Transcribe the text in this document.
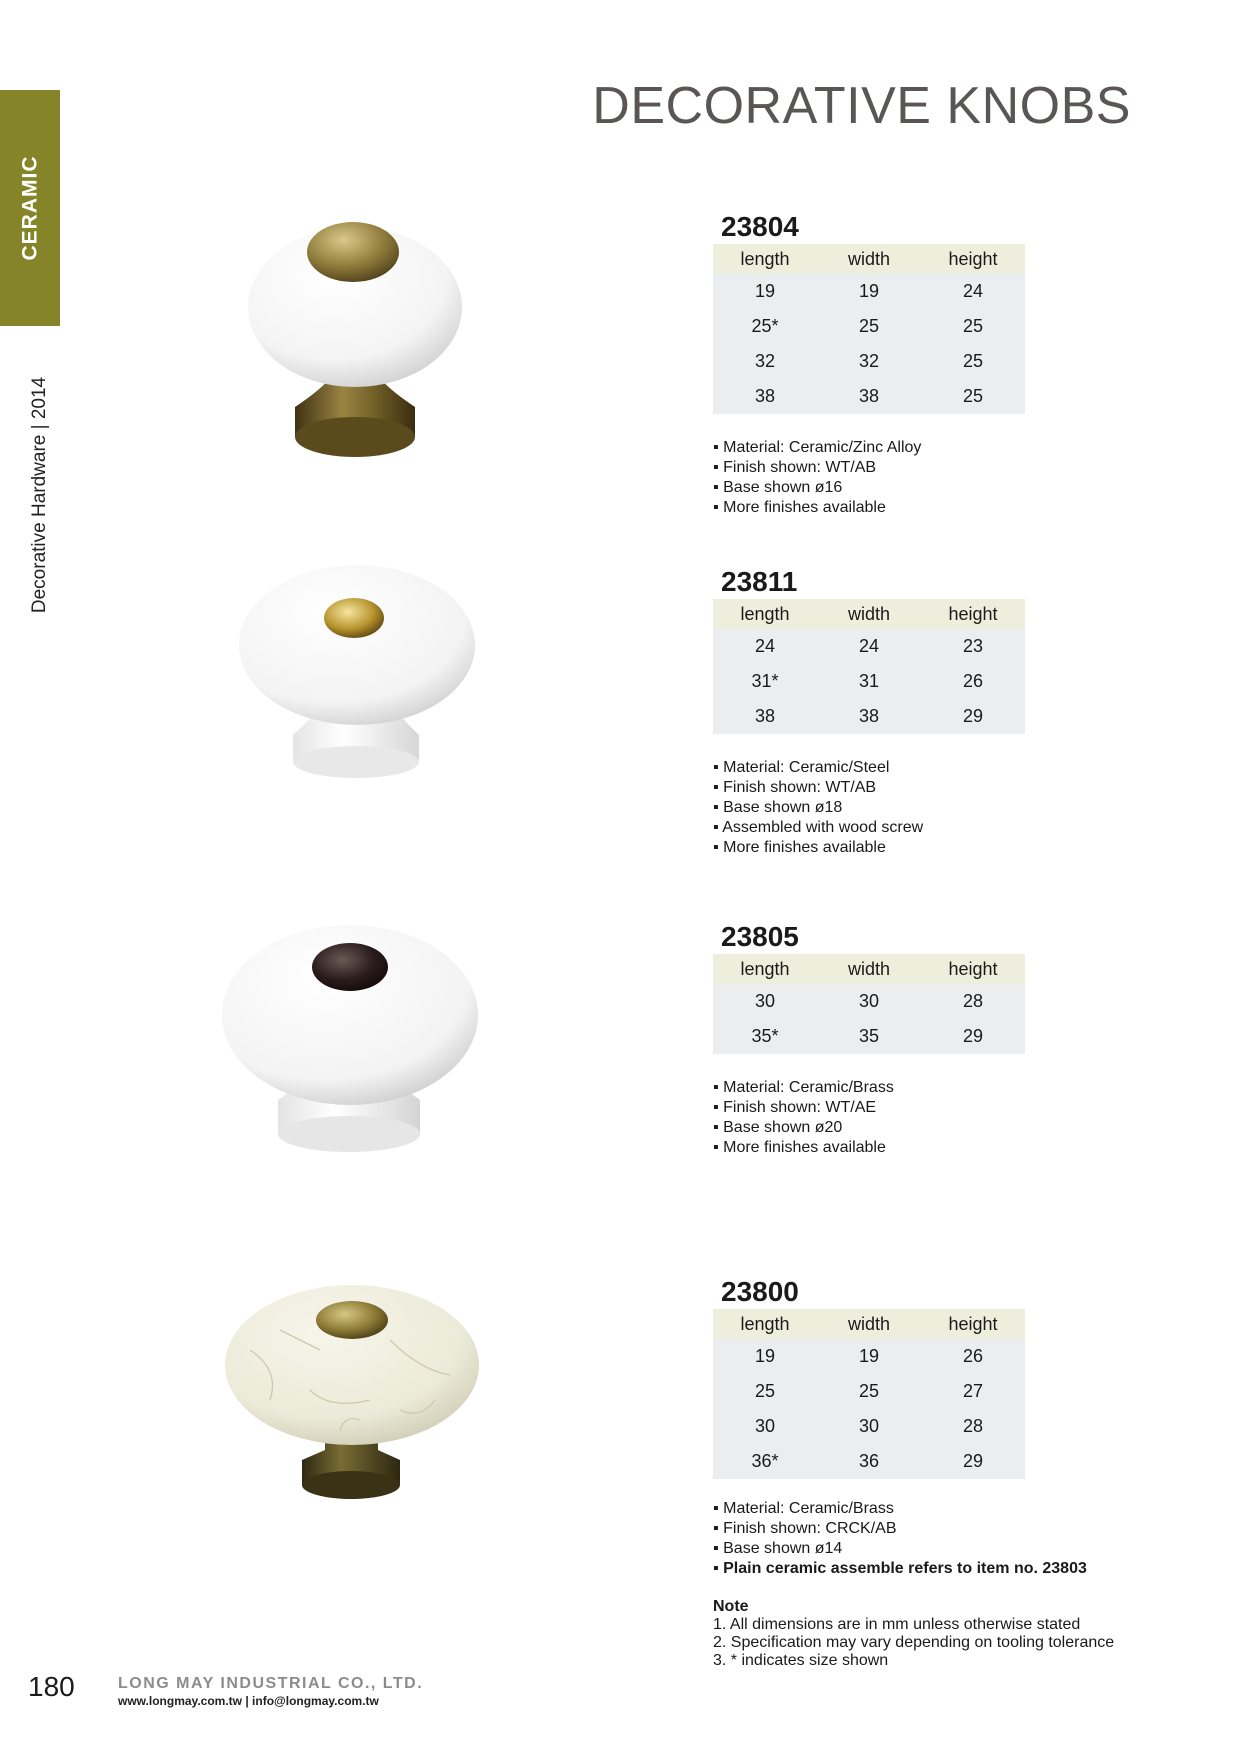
CERAMIC
Decorative Hardware | 2014
DECORATIVE KNOBS
23804
length	width	height
19	19	24
25*	25	25
32	32	25
38	38	25
▪ Material: Ceramic/Zinc Alloy
▪ Finish shown: WT/AB
▪ Base shown ø16
▪ More finishes available
23811
length	width	height
24	24	23
31*	31	26
38	38	29
▪ Material: Ceramic/Steel
▪ Finish shown: WT/AB
▪ Base shown ø18
▪ Assembled with wood screw
▪ More finishes available
23805
length	width	height
30	30	28
35*	35	29
▪ Material: Ceramic/Brass
▪ Finish shown: WT/AE
▪ Base shown ø20
▪ More finishes available
23800
length	width	height
19	19	26
25	25	27
30	30	28
36*	36	29
▪ Material: Ceramic/Brass
▪ Finish shown: CRCK/AB
▪ Base shown ø14
▪ Plain ceramic assemble refers to item no. 23803
Note
1. All dimensions are in mm unless otherwise stated
2. Specification may vary depending on tooling tolerance
3. * indicates size shown
180	LONG MAY INDUSTRIAL CO., LTD.
www.longmay.com.tw | info@longmay.com.tw
